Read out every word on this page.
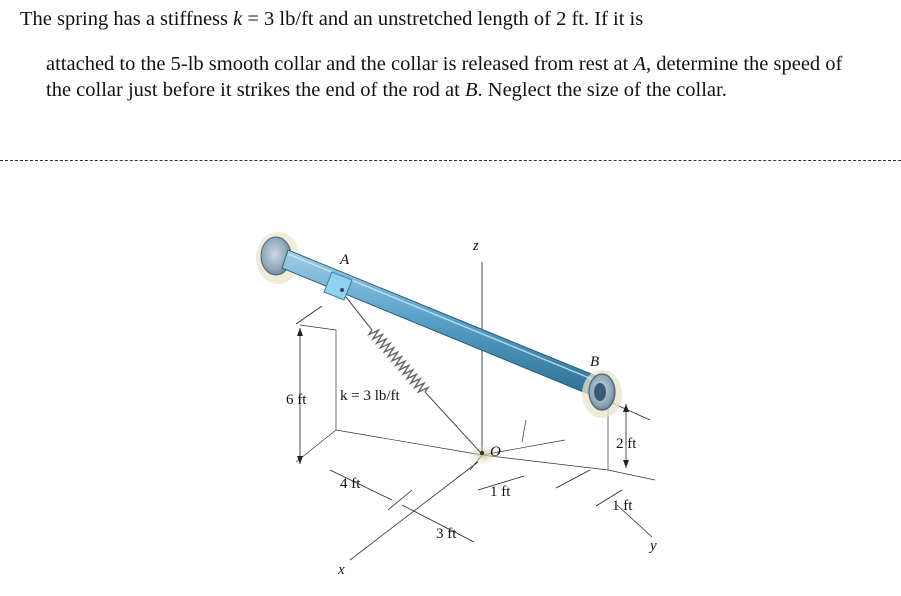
The spring has a stiffness k = 3 lb/ft and an unstretched length of 2 ft. If it is
attached to the 5-lb smooth collar and the collar is released from rest at A, determine the speed of the collar just before it strikes the end of the rod at B. Neglect the size of the collar.
A
B
O
z
x
y
k = 3 lb/ft
6 ft
4 ft
3 ft
1 ft
2 ft
1 ft
